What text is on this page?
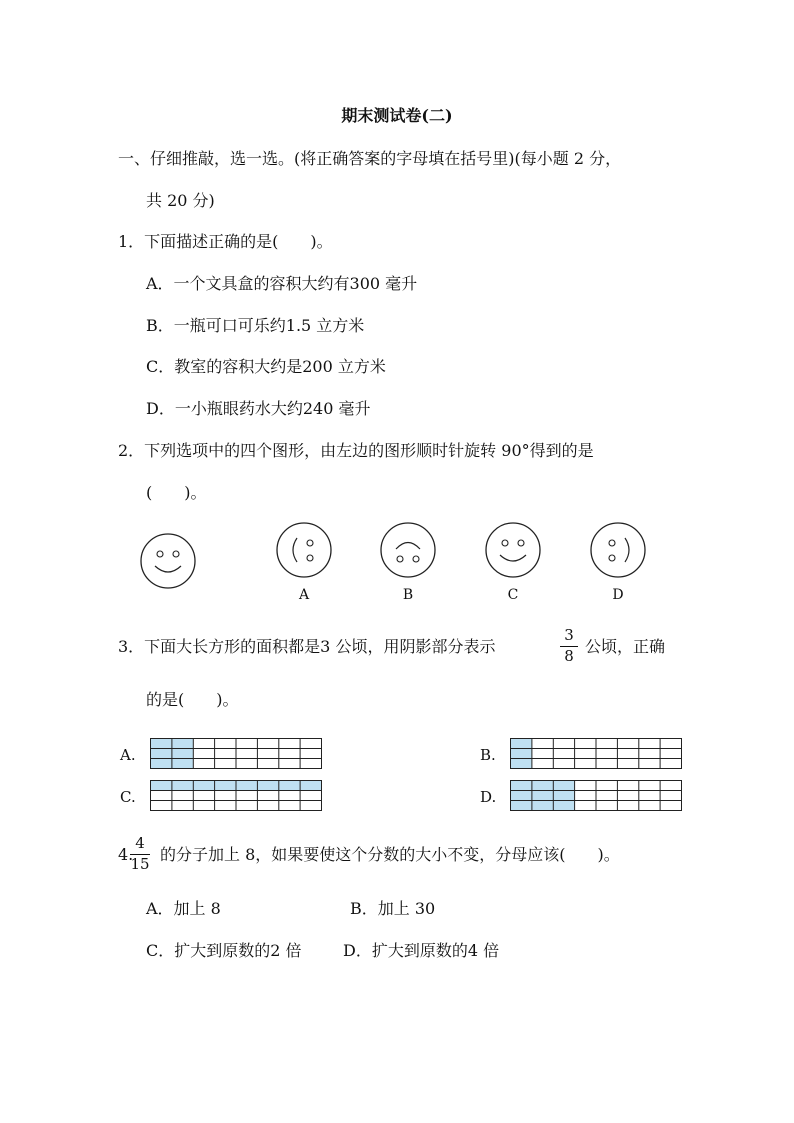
期末测试卷(二)
一、仔细推敲，选一选。(将正确答案的字母填在括号里)(每小题 2 分，
共 20 分)
1．下面描述正确的是(　　)。
A．一个文具盒的容积大约有300 毫升
B．一瓶可口可乐约1.5 立方米
C．教室的容积大约是200 立方米
D．一小瓶眼药水大约240 毫升
2．下列选项中的四个图形，由左边的图形顺时针旋转 90°得到的是
(　　)。
A	B	C	D
3．下面大长方形的面积都是3 公顷，用阴影部分表示
3
8 公顷，正确
的是(　　)。
A.	B.
C.	D.
4.
4
15 的分子加上 8，如果要使这个分数的大小不变，分母应该(　　)。
A．加上 8	B．加上 30
C．扩大到原数的2 倍	D．扩大到原数的4 倍
